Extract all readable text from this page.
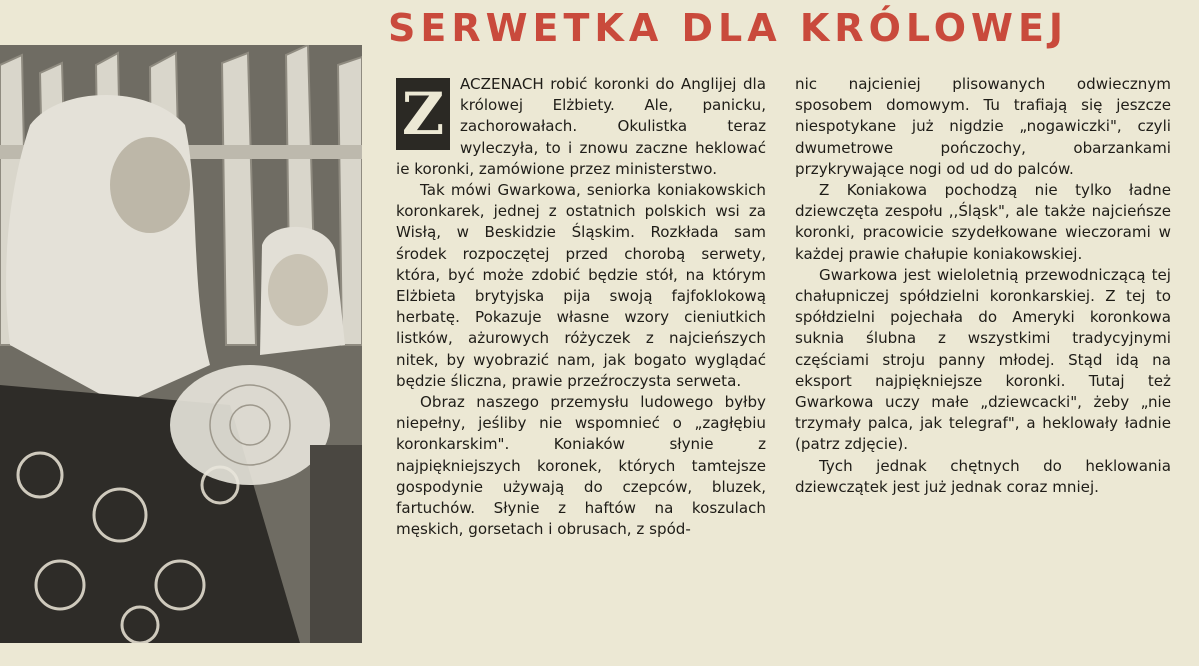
SERWETKA DLA KRÓLOWEJ

Z	ACZENACH robić koronki do Anglijej dla królowej Elżbiety. Ale, panicku, zachorowałach. Okulistka teraz wyleczyła, to i znowu zaczne heklować ie koronki, zamówione przez ministerstwo.

Tak mówi Gwarkowa, seniorka koniakowskich koronkarek, jednej z ostatnich polskich wsi za Wisłą, w Beskidzie Śląskim. Rozkłada sam środek rozpoczętej przed chorobą serwety, która, być może zdobić będzie stół, na którym Elżbieta brytyjska pija swoją fajfoklokową herbatę. Pokazuje własne wzory cieniutkich listków, ażurowych różyczek z najcieńszych nitek, by wyobrazić nam, jak bogato wyglądać będzie śliczna, prawie przeźroczysta serweta.

Obraz naszego przemysłu ludowego byłby niepełny, jeśliby nie wspomnieć o „zagłębiu koronkarskim". Koniaków słynie z najpiękniejszych koronek, których tamtejsze gospodynie używają do czepców, bluzek, fartuchów. Słynie z haftów na koszulach męskich, gorsetach i obrusach, z spód-

nic najcieniej plisowanych odwiecznym sposobem domowym. Tu trafiają się jeszcze niespotykane już nigdzie „nogawiczki", czyli dwumetrowe pończochy, obarzankami przykrywające nogi od ud do palców.

Z Koniakowa pochodzą nie tylko ładne dziewczęta zespołu ,,Śląsk", ale także najcieńsze koronki, pracowicie szydełkowane wieczorami w każdej prawie chałupie koniakowskiej.

Gwarkowa jest wieloletnią przewodniczącą tej chałupniczej spółdzielni koronkarskiej. Z tej to spółdzielni pojechała do Ameryki koronkowa suknia ślubna z wszystkimi tradycyjnymi częściami stroju panny młodej. Stąd idą na eksport najpiękniejsze koronki. Tutaj też Gwarkowa uczy małe „dziewcacki", żeby „nie trzymały palca, jak telegraf", a heklowały ładnie (patrz zdjęcie).

Tych jednak chętnych do heklowania dziewczątek jest już jednak coraz mniej.
